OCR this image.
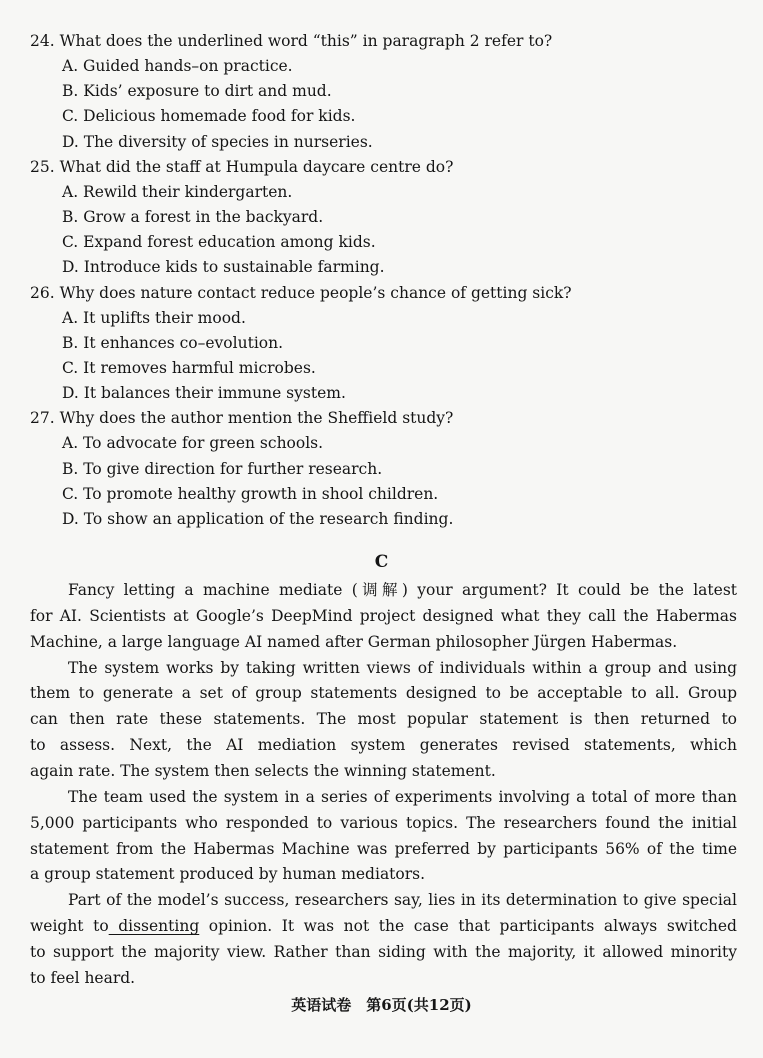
24. What does the underlined word “this” in paragraph 2 refer to?
A. Guided hands–on practice.
B. Kids’ exposure to dirt and mud.
C. Delicious homemade food for kids.
D. The diversity of species in nurseries.
25. What did the staff at Humpula daycare centre do?
A. Rewild their kindergarten.
B. Grow a forest in the backyard.
C. Expand forest education among kids.
D. Introduce kids to sustainable farming.
26. Why does nature contact reduce people’s chance of getting sick?
A. It uplifts their mood.
B. It enhances co–evolution.
C. It removes harmful microbes.
D. It balances their immune system.
27. Why does the author mention the Sheffield study?
A. To advocate for green schools.
B. To give direction for further research.
C. To promote healthy growth in shool children.
D. To show an application of the research finding.
C
Fancy letting a machine mediate (调解) your argument? It could be the latest
for AI. Scientists at Google’s DeepMind project designed what they call the Habermas
Machine, a large language AI named after German philosopher Jürgen Habermas.
The system works by taking written views of individuals within a group and using
them to generate a set of group statements designed to be acceptable to all. Group
can then rate these statements. The most popular statement is then returned to
to assess. Next, the AI mediation system generates revised statements, which
again rate. The system then selects the winning statement.
The team used the system in a series of experiments involving a total of more than
5,000 participants who responded to various topics. The researchers found the initial
statement from the Habermas Machine was preferred by participants 56% of the time
a group statement produced by human mediators.
Part of the model’s success, researchers say, lies in its determination to give special
weight to dissenting opinion. It was not the case that participants always switched
to support the majority view. Rather than siding with the majority, it allowed minority
to feel heard.
英语试卷　第6页(共12页)
